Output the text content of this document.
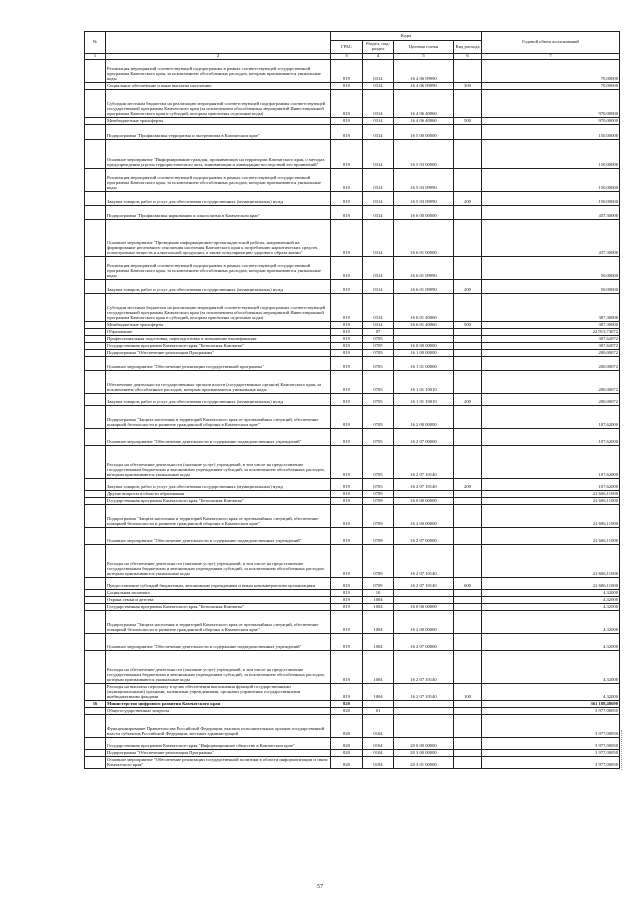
№		Коды				Годовой объем ассигнований
		ГРБС	Раздел, под-раздел	Целевая статья	Вид расхода	
1	2	3	4	5	6	7
	Реализация мероприятий соответствующей подпрограммы в рамках соответствующей государственной программы Камчатского края, за исключением обособленных расходов, которым присваиваются уникальные коды	819	0314	16 4 06 09990		70,00000
	Социальное обеспечение и иные выплаты населению	819	0314	16 4 06 09990	300	70,00000
	Субсидии местным бюджетам на реализацию мероприятий соответствующей подпрограммы соответствующей государственной программы Камчатского края (за исключением обособленных мероприятий Инвестиционной программы Камчатского края и субсидий, которым присвоены отдельные коды)	819	0314	16 4 06 40060		970,00000
	Межбюджетные трансферты	819	0314	16 4 06 40060	500	970,00000
	Подпрограмма "Профилактика терроризма и экстремизма в Камчатском крае"	819	0314	16 5 00 00000		150,00000
	Основное мероприятие "Информирование граждан, проживающих на территории Камчатского края, о методах предупреждения угрозы террористического акта, минимизации и ликвидации последствий его проявлений"	819	0314	16 5 03 00000		150,00000
	Реализация мероприятий соответствующей подпрограммы в рамках соответствующей государственной программы Камчатского края, за исключением обособленных расходов, которым присваиваются уникальные коды	819	0314	16 5 03 09990		150,00000
	Закупка товаров, работ и услуг для обеспечения государственных (муниципальных) нужд	819	0314	16 5 03 09990	200	150,00000
	Подпрограмма "Профилактика наркомании и алкоголизма в Камчатском крае"	819	0314	16 6 00 00000		437,30000
	Основное мероприятие "Проведение информационно-пропагандистской работы, направленной на формирование негативного отношения населения Камчатского края к потреблению наркотических средств, психотропных веществ и алкогольной продукции, а также популяризацию здорового образа жизни"	819	0314	16 6 01 00000		437,30000
	Реализация мероприятий соответствующей подпрограммы в рамках соответствующей государственной программы Камчатского края, за исключением обособленных расходов, которым присваиваются уникальные коды	819	0314	16 6 01 09990		50,00000
	Закупка товаров, работ и услуг для обеспечения государственных (муниципальных) нужд	819	0314	16 6 01 09990	200	50,00000
	Субсидии местным бюджетам на реализацию мероприятий соответствующей подпрограммы соответствующей государственной программы Камчатского края (за исключением обособленных мероприятий Инвестиционной программы Камчатского края и субсидий, которым присвоены отдельные коды)	819	0314	16 6 01 40060		387,30000
	Межбюджетные трансферты	819	0314	16 6 01 40060	500	387,30000
	Образование	819	07			22 913,73072
	Профессиональная подготовка, переподготовка и повышение квалификации	819	0705			307,62072
	Государственная программа Камчатского края "Безопасная Камчатка"	819	0705	16 0 00 00000		307,62072
	Подпрограмма "Обеспечение реализации Программы"	819	0705	16 1 00 00000		200,00072
	Основное мероприятие "Обеспечение реализации государственной программы"	819	0705	16 1 01 00000		200,00072
	Обеспечение деятельности государственных органов власти (государственных органов) Камчатского края, за исключением обособленных расходов, которым присваиваются уникальные коды	819	0705	16 1 01 10010		200,00072
	Закупка товаров, работ и услуг для обеспечения государственных (муниципальных) нужд	819	0705	16 1 01 10010	200	200,00072
	Подпрограмма "Защита населения и территорий Камчатского края от чрезвычайных ситуаций, обеспечение пожарной безопасности и развитие гражданской обороны в Камчатском крае"	819	0705	16 2 00 00000		107,62000
	Основное мероприятие "Обеспечение деятельности и содержание подведомственных учреждений"	819	0705	16 2 07 00000		107,62000
	Расходы на обеспечение деятельности (оказание услуг) учреждений, в том числе на предоставление государственным бюджетным и автономным учреждениям субсидий, за исключением обособленных расходов, которым присваиваются уникальные коды	819	0705	16 2 07 10140		107,62000
	Закупка товаров, работ и услуг для обеспечения государственных (муниципальных) нужд	819	0705	16 2 07 10140	200	107,62000
	Другие вопросы в области образования	819	0709			22 606,11000
	Государственная программа Камчатского края "Безопасная Камчатка"	819	0709	16 0 00 00000		22 606,11000
	Подпрограмма "Защита населения и территорий Камчатского края от чрезвычайных ситуаций, обеспечение пожарной безопасности и развитие гражданской обороны в Камчатском крае"	819	0709	16 2 00 00000		22 606,11000
	Основное мероприятие "Обеспечение деятельности и содержание подведомственных учреждений"	819	0709	16 2 07 00000		22 606,11000
	Расходы на обеспечение деятельности (оказание услуг) учреждений, в том числе на предоставление государственным бюджетным и автономным учреждениям субсидий, за исключением обособленных расходов, которым присваиваются уникальные коды	819	0709	16 2 07 10140		22 606,11000
	Предоставление субсидий бюджетным, автономным учреждениям и иным некоммерческим организациям	819	0709	16 2 07 10140	600	22 606,11000
	Социальная политика	819	10			4,32000
	Охрана семьи и детства	819	1004			4,32000
	Государственная программа Камчатского края "Безопасная Камчатка"	819	1004	16 0 00 00000		4,32000
	Подпрограмма "Защита населения и территорий Камчатского края от чрезвычайных ситуаций, обеспечение пожарной безопасности и развитие гражданской обороны в Камчатском крае"	819	1004	16 2 00 00000		4,32000
	Основное мероприятие "Обеспечение деятельности и содержание подведомственных учреждений"	819	1004	16 2 07 00000		4,32000
	Расходы на обеспечение деятельности (оказание услуг) учреждений, в том числе на предоставление государственным бюджетным и автономным учреждениям субсидий, за исключением обособленных расходов, которым присваиваются уникальные коды	819	1004	16 2 07 10140		4,32000
	Расходы на выплаты персоналу в целях обеспечения выполнения функций государственными (муниципальными) органами, казенными учреждениями, органами управления государственными внебюджетными фондами	819	1004	16 2 07 10140	100	4,32000
16	Министерство цифрового развития Камчатского края	820				361 188,48690
	Общегосударственные вопросы	820	01			3 977,00050
	Функционирование Правительства Российской Федерации, высших исполнительных органов государственной власти субъектов Российской Федерации, местных администраций	820	0104			3 977,00050
	Государственная программа Камчатского края "Информационное общество в Камчатском крае"	820	0104	20 0 00 00000		3 977,00050
	Подпрограмма "Обеспечение реализации Программы"	820	0104	20 3 00 00000		3 977,00050
	Основное мероприятие "Обеспечение реализации государственной политики в области информатизации и связи Камчатского края"	820	0104	20 3 01 00000		3 977,00050
57
